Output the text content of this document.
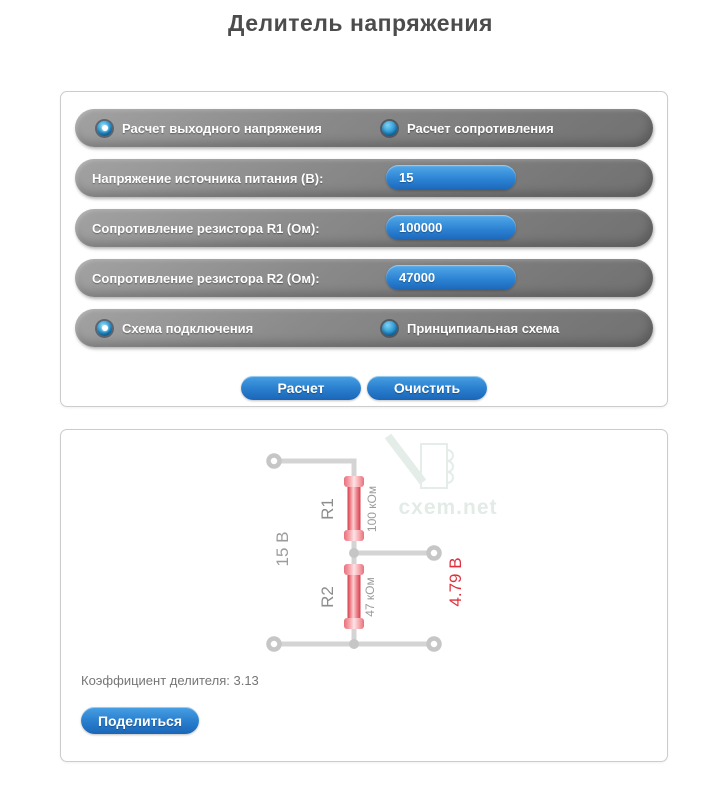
Делитель напряжения
Расчет выходного напряжения	Расчет сопротивления
Напряжение источника питания (В):
15
Сопротивление резистора R1 (Ом):
100000
Сопротивление резистора R2 (Ом):
47000
Схема подключения	Принципиальная схема
Расчет	Очистить
cxem.net
15 В
R1 100 кОм
R2 47 кОм	4.79 В
Коэффициент делителя: 3.13
Поделиться
